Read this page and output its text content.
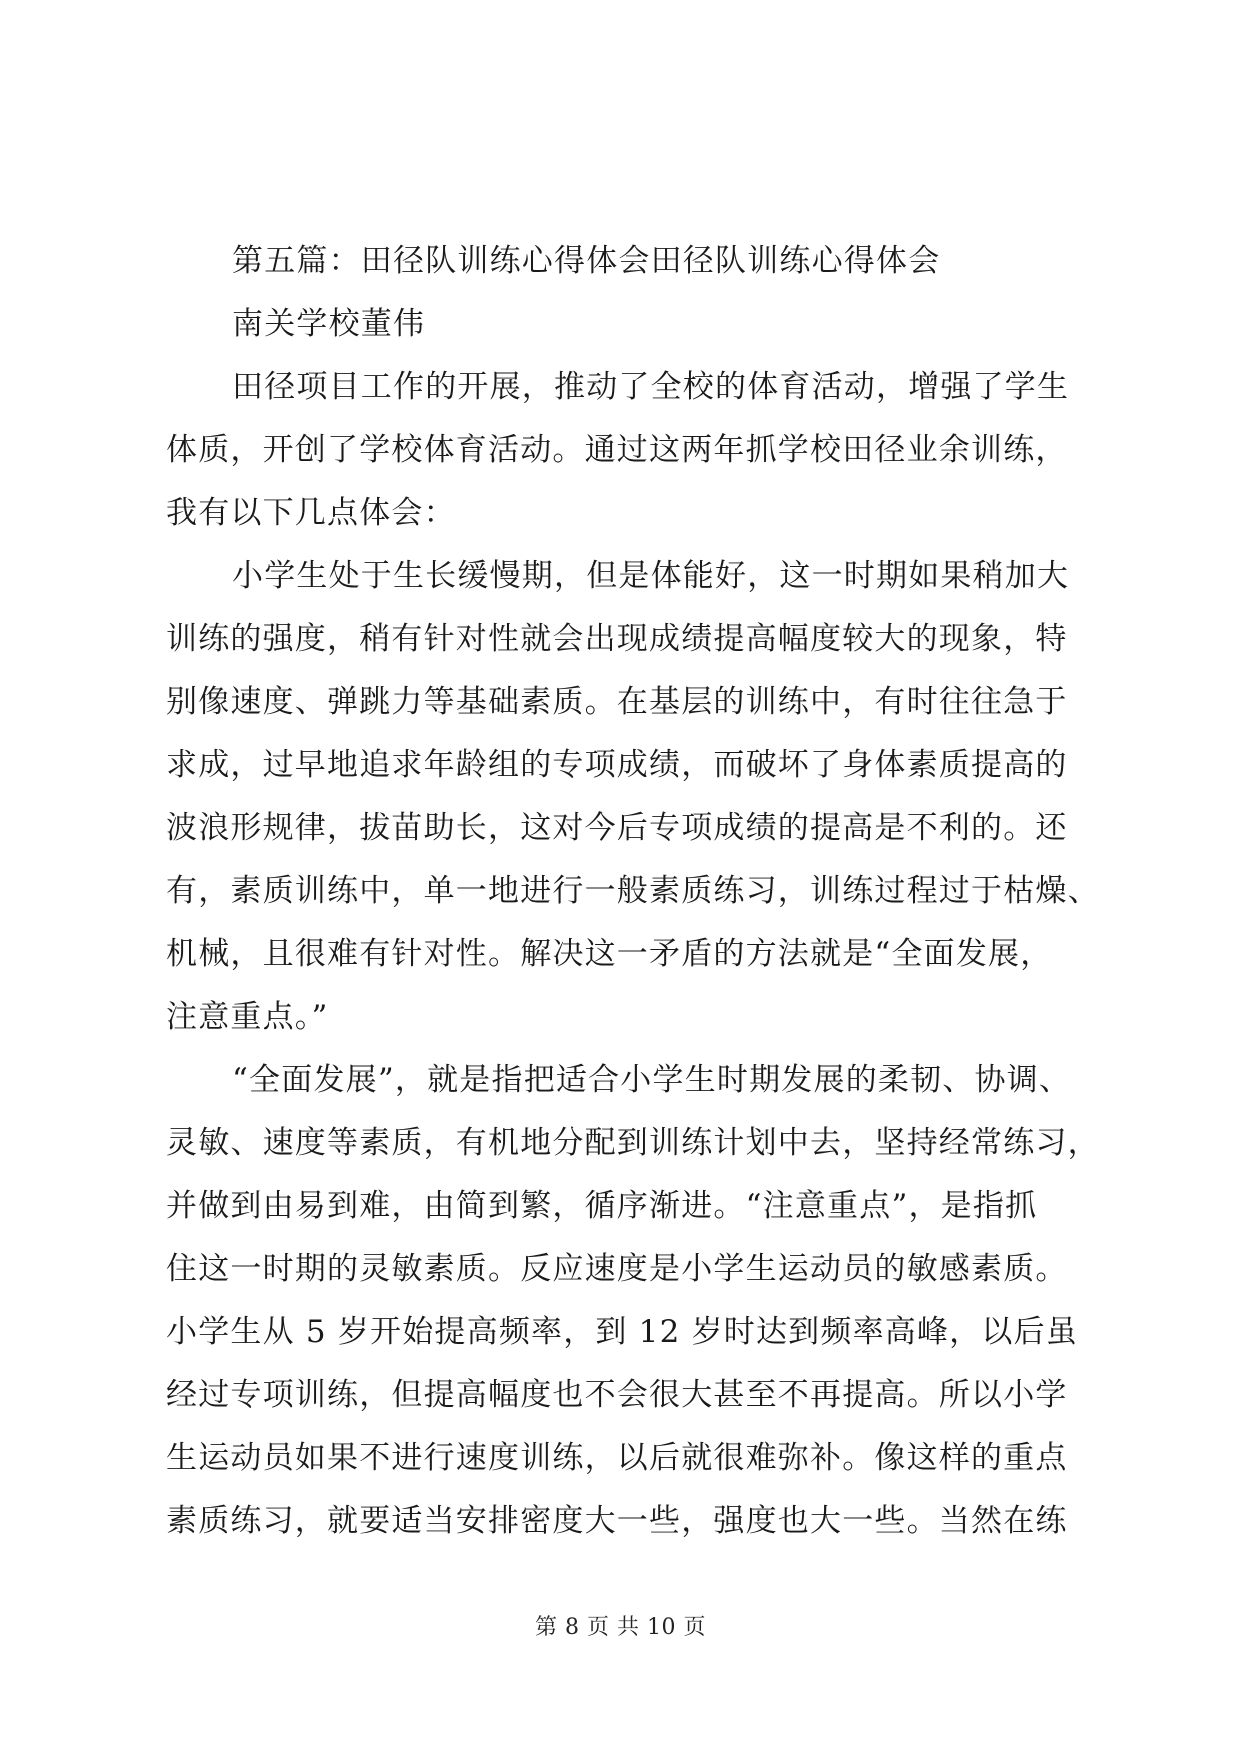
第五篇：田径队训练心得体会田径队训练心得体会
南关学校董伟
田径项目工作的开展，推动了全校的体育活动，增强了学生
体质，开创了学校体育活动。通过这两年抓学校田径业余训练，
我有以下几点体会：
小学生处于生长缓慢期，但是体能好，这一时期如果稍加大
训练的强度，稍有针对性就会出现成绩提高幅度较大的现象，特
别像速度、弹跳力等基础素质。在基层的训练中，有时往往急于
求成，过早地追求年龄组的专项成绩，而破坏了身体素质提高的
波浪形规律，拔苗助长，这对今后专项成绩的提高是不利的。还
有，素质训练中，单一地进行一般素质练习，训练过程过于枯燥、
机械，且很难有针对性。解决这一矛盾的方法就是“全面发展，
注意重点。”
“全面发展”，就是指把适合小学生时期发展的柔韧、协调、
灵敏、速度等素质，有机地分配到训练计划中去，坚持经常练习，
并做到由易到难，由简到繁，循序渐进。“注意重点”，是指抓
住这一时期的灵敏素质。反应速度是小学生运动员的敏感素质。
小学生从 5 岁开始提高频率，到 12 岁时达到频率高峰，以后虽
经过专项训练，但提高幅度也不会很大甚至不再提高。所以小学
生运动员如果不进行速度训练，以后就很难弥补。像这样的重点
素质练习，就要适当安排密度大一些，强度也大一些。当然在练
第 8 页 共 10 页
